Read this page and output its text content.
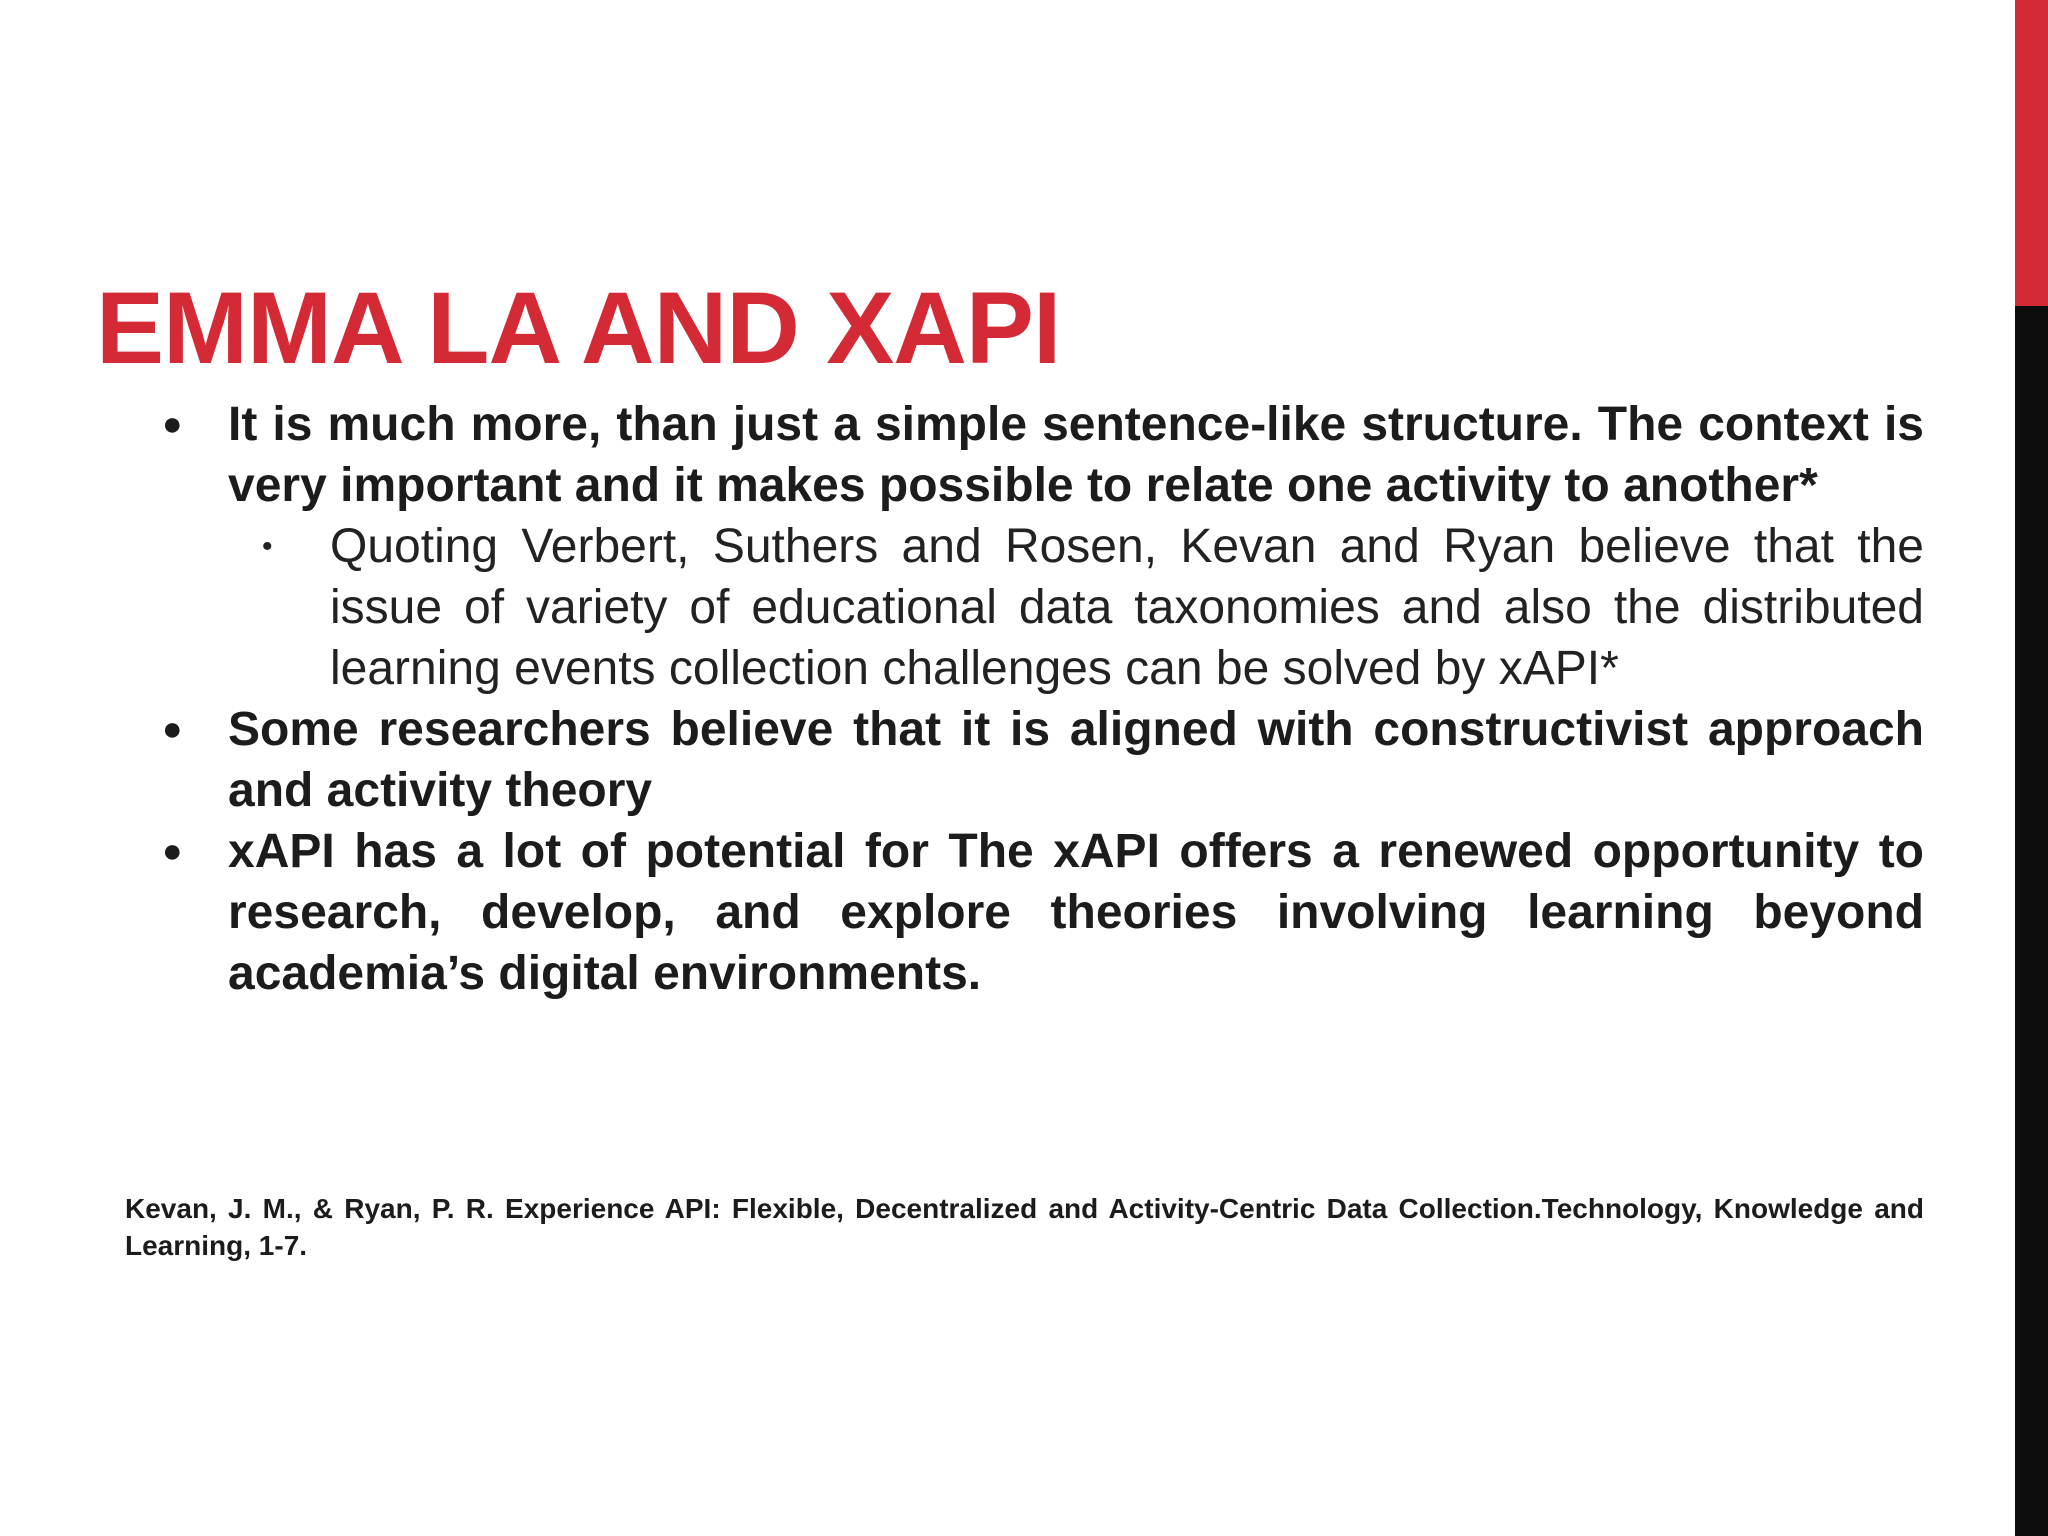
EMMA LA AND XAPI
● It is much more, than just a simple sentence-like structure. The context is very important and it makes possible to relate one activity to another*
• Quoting Verbert, Suthers and Rosen, Kevan and Ryan believe that the issue of variety of educational data taxonomies and also the distributed learning events collection challenges can be solved by xAPI*
● Some researchers believe that it is aligned with constructivist approach and activity theory
● xAPI has a lot of potential for The xAPI offers a renewed opportunity to research, develop, and explore theories involving learning beyond academia’s digital environments.

Kevan, J. M., & Ryan, P. R. Experience API: Flexible, Decentralized and Activity-Centric Data Collection.Technology, Knowledge and Learning, 1-7.
